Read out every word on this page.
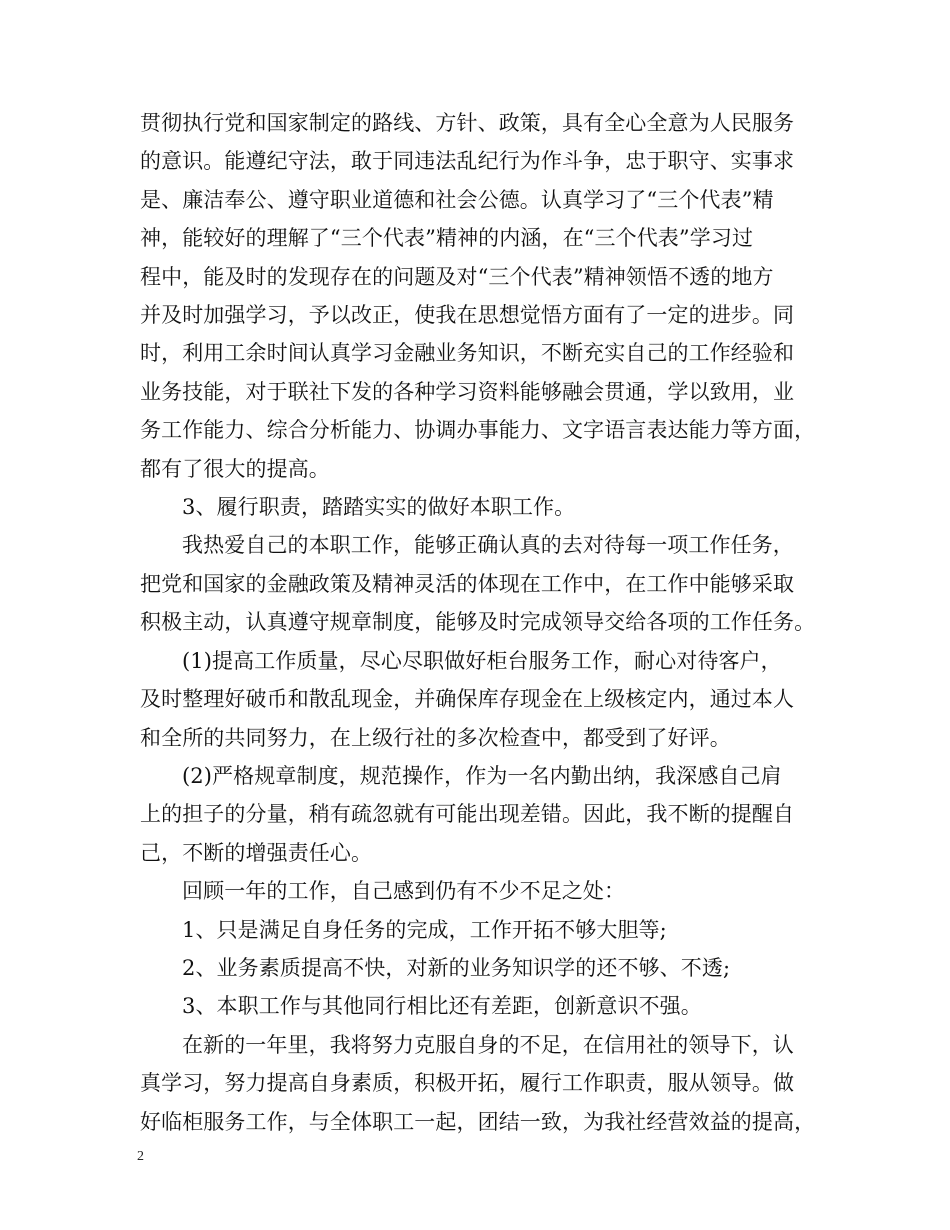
贯彻执行党和国家制定的路线、方针、政策，具有全心全意为人民服务
的意识。能遵纪守法，敢于同违法乱纪行为作斗争，忠于职守、实事求
是、廉洁奉公、遵守职业道德和社会公德。认真学习了“三个代表”精
神，能较好的理解了“三个代表”精神的内涵，在“三个代表”学习过
程中，能及时的发现存在的问题及对“三个代表”精神领悟不透的地方
并及时加强学习，予以改正，使我在思想觉悟方面有了一定的进步。同
时，利用工余时间认真学习金融业务知识，不断充实自己的工作经验和
业务技能，对于联社下发的各种学习资料能够融会贯通，学以致用，业
务工作能力、综合分析能力、协调办事能力、文字语言表达能力等方面，
都有了很大的提高。
3、履行职责，踏踏实实的做好本职工作。
我热爱自己的本职工作，能够正确认真的去对待每一项工作任务，
把党和国家的金融政策及精神灵活的体现在工作中，在工作中能够采取
积极主动，认真遵守规章制度，能够及时完成领导交给各项的工作任务。
(1)提高工作质量，尽心尽职做好柜台服务工作，耐心对待客户，
及时整理好破币和散乱现金，并确保库存现金在上级核定内，通过本人
和全所的共同努力，在上级行社的多次检查中，都受到了好评。
(2)严格规章制度，规范操作，作为一名内勤出纳，我深感自己肩
上的担子的分量，稍有疏忽就有可能出现差错。因此，我不断的提醒自
己，不断的增强责任心。
回顾一年的工作，自己感到仍有不少不足之处：
1、只是满足自身任务的完成，工作开拓不够大胆等;
2、业务素质提高不快，对新的业务知识学的还不够、不透;
3、本职工作与其他同行相比还有差距，创新意识不强。
在新的一年里，我将努力克服自身的不足，在信用社的领导下，认
真学习，努力提高自身素质，积极开拓，履行工作职责，服从领导。做
好临柜服务工作，与全体职工一起，团结一致，为我社经营效益的提高，
2
